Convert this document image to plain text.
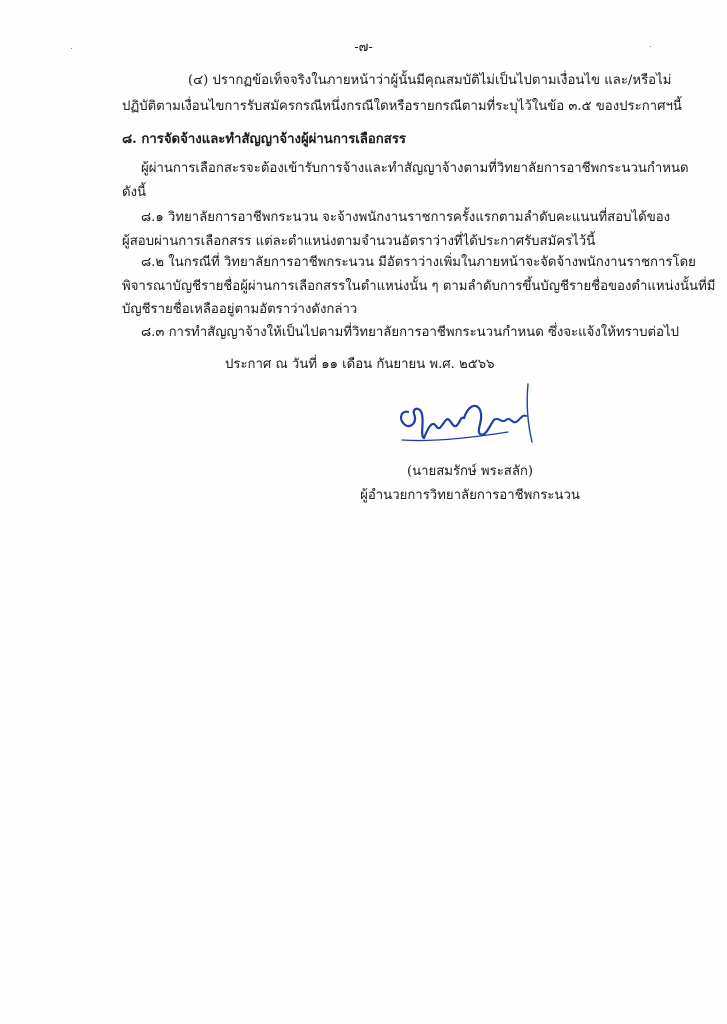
-๗-
(๔) ปรากฏข้อเท็จจริงในภายหน้าว่าผู้นั้นมีคุณสมบัติไม่เป็นไปตามเงื่อนไข และ/หรือไม่
ปฏิบัติตามเงื่อนไขการรับสมัครกรณีหนึ่งกรณีใดหรือรายกรณีตามที่ระบุไว้ในข้อ ๓.๕ ของประกาศฯนี้
๘. การจัดจ้างและทำสัญญาจ้างผู้ผ่านการเลือกสรร
ผู้ผ่านการเลือกสะรจะต้องเข้ารับการจ้างและทำสัญญาจ้างตามที่วิทยาลัยการอาชีพกระนวนกำหนด
ดังนี้
๘.๑ วิทยาลัยการอาชีพกระนวน จะจ้างพนักงานราชการครั้งแรกตามลำดับคะแนนที่สอบได้ของ
ผู้สอบผ่านการเลือกสรร แต่ละตำแหน่งตามจำนวนอัตราว่างที่ได้ประกาศรับสมัครไว้นี้
๘.๒ ในกรณีที่ วิทยาลัยการอาชีพกระนวน มีอัตราว่างเพิ่มในภายหน้าจะจัดจ้างพนักงานราชการโดย
พิจารณาบัญชีรายชื่อผู้ผ่านการเลือกสรรในตำแหน่งนั้น ๆ ตามลำดับการขึ้นบัญชีรายชื่อของตำแหน่งนั้นที่มี
บัญชีรายชื่อเหลืออยู่ตามอัตราว่างดังกล่าว
๘.๓ การทำสัญญาจ้างให้เป็นไปตามที่วิทยาลัยการอาชีพกระนวนกำหนด ซึ่งจะแจ้งให้ทราบต่อไป
ประกาศ ณ วันที่ ๑๑ เดือน กันยายน พ.ศ. ๒๕๖๖
(นายสมรักษ์ พระสลัก)
ผู้อำนวยการวิทยาลัยการอาชีพกระนวน
